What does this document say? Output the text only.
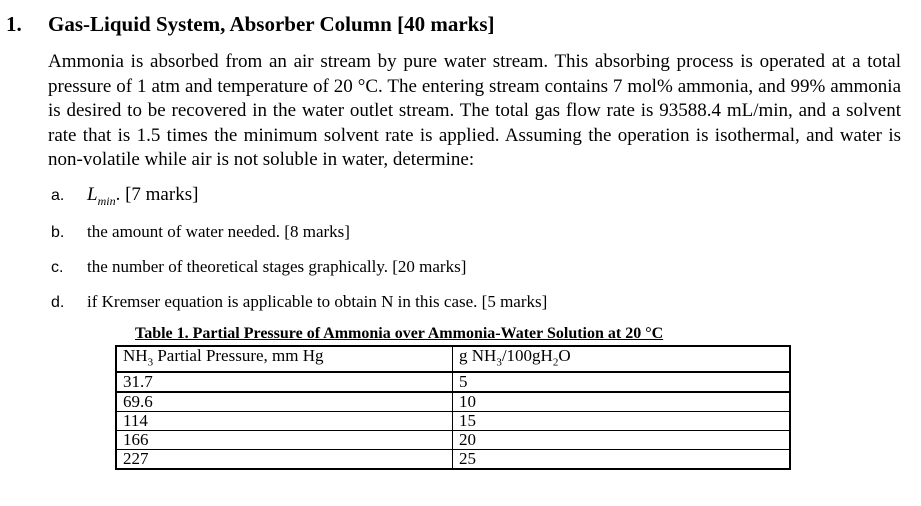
1. Gas-Liquid System, Absorber Column [40 marks]
Ammonia is absorbed from an air stream by pure water stream. This absorbing process is operated at a total pressure of 1 atm and temperature of 20 °C. The entering stream contains 7 mol% ammonia, and 99% ammonia is desired to be recovered in the water outlet stream. The total gas flow rate is 93588.4 mL/min, and a solvent rate that is 1.5 times the minimum solvent rate is applied. Assuming the operation is isothermal, and water is non-volatile while air is not soluble in water, determine:
a. $L_{min}$. [7 marks]
b. the amount of water needed. [8 marks]
c. the number of theoretical stages graphically. [20 marks]
d. if Kremser equation is applicable to obtain N in this case. [5 marks]
Table 1. Partial Pressure of Ammonia over Ammonia-Water Solution at 20 °C
$NH_3$ Partial Pressure, mm Hg	g $NH_3/100gH_2O$
31.7	5
69.6	10
114	15
166	20
227	25
